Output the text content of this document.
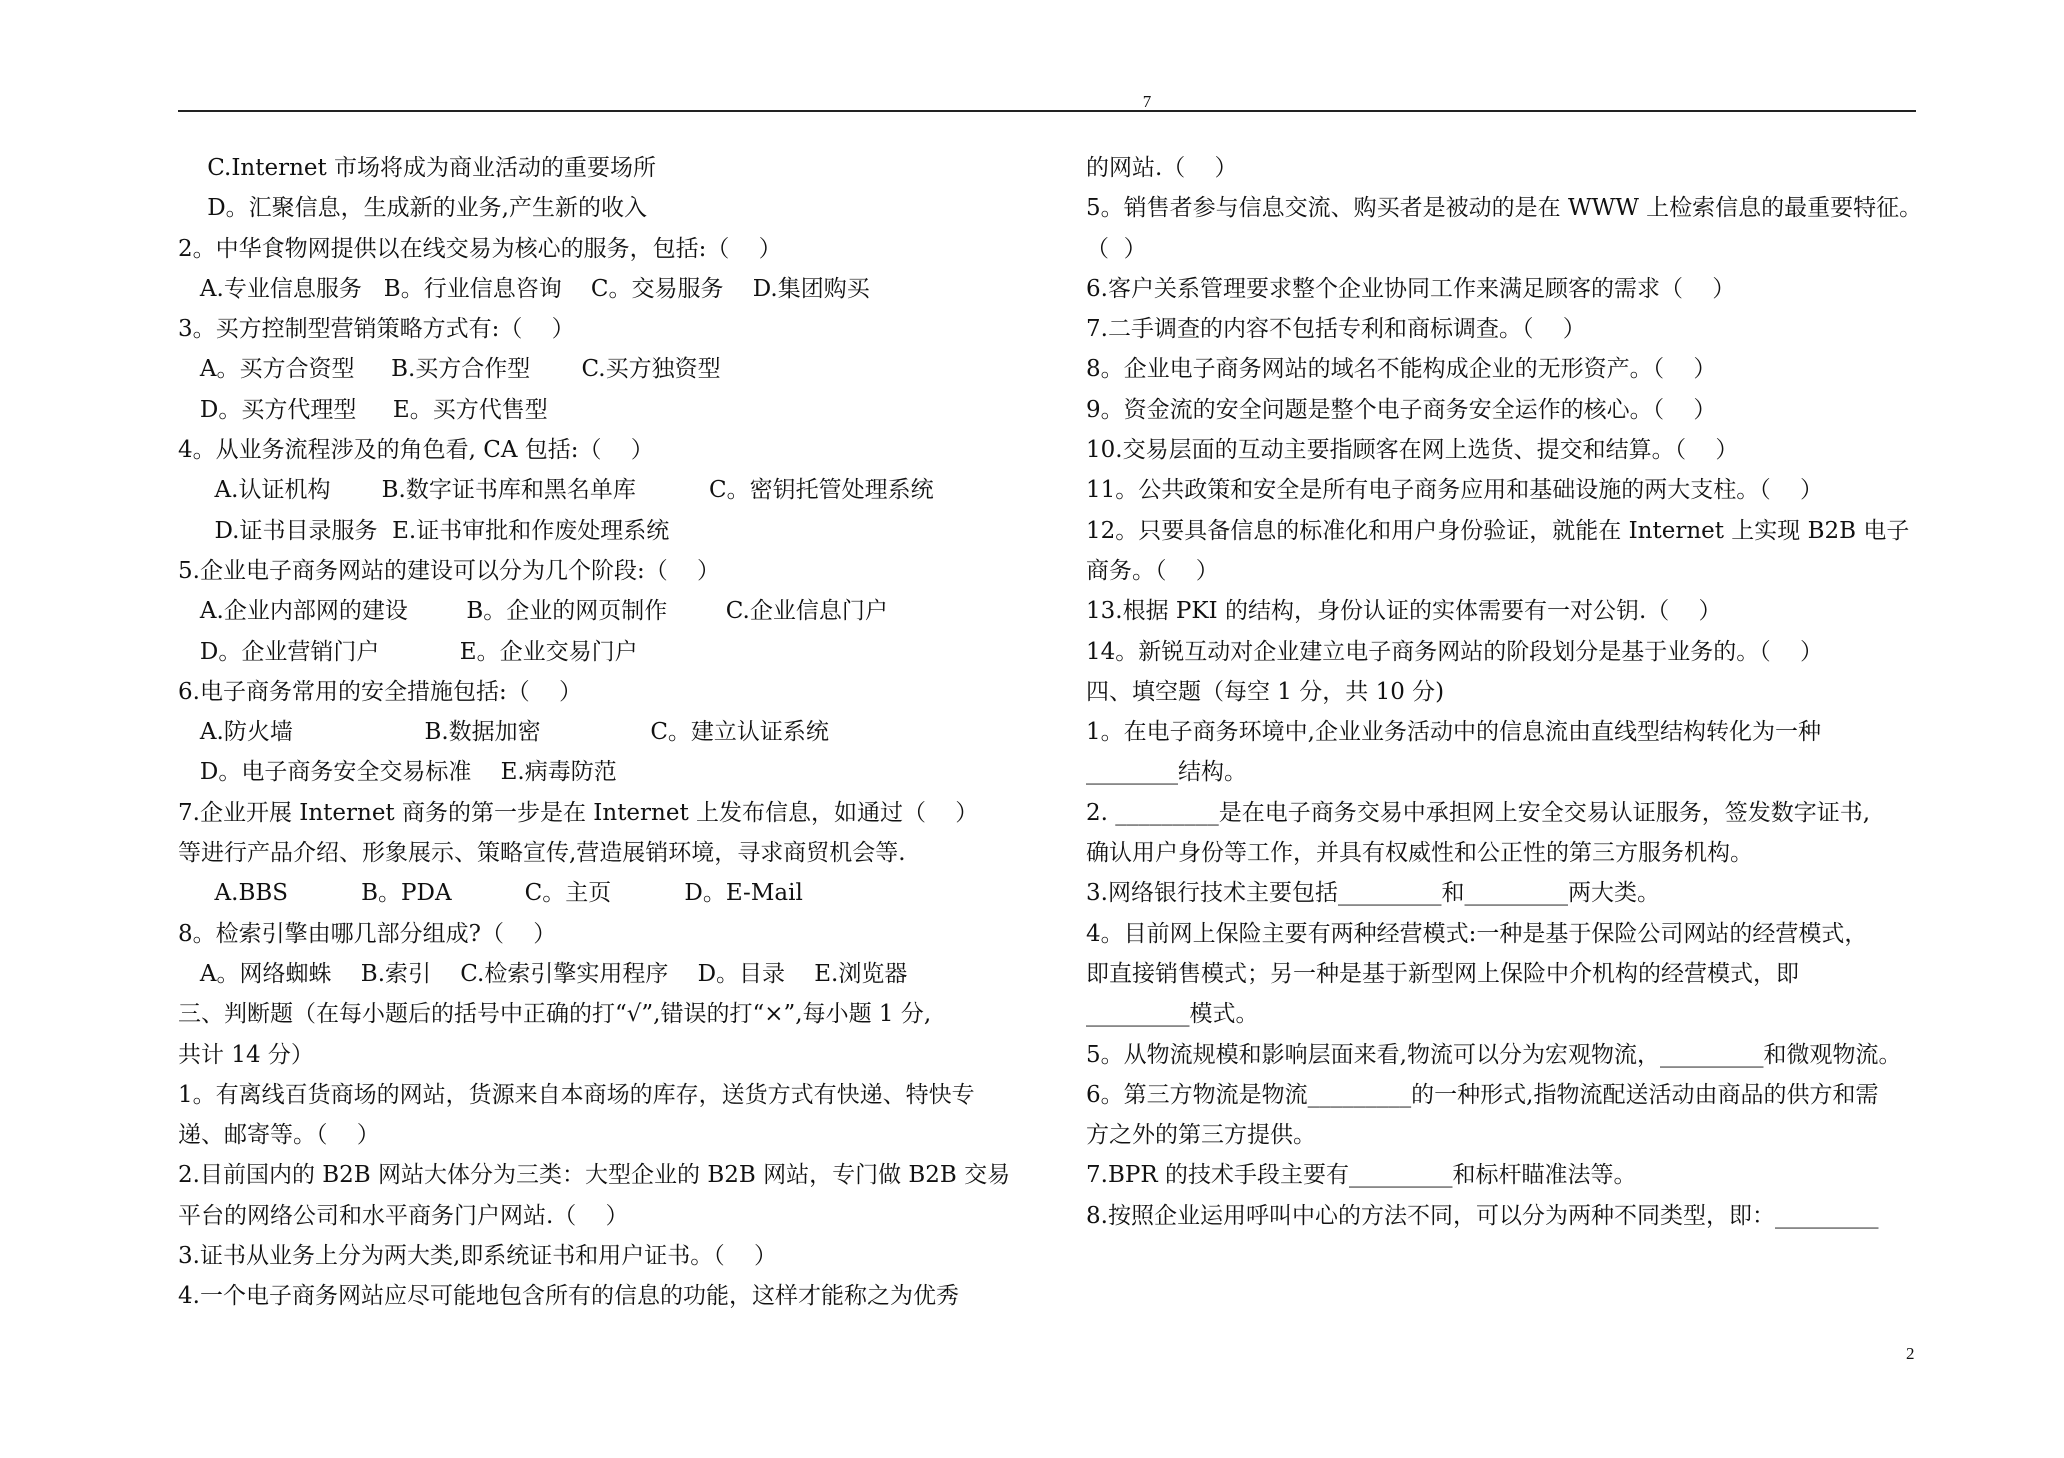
7
C.Internet 市场将成为商业活动的重要场所
D。汇聚信息，生成新的业务,产生新的收入
2。中华食物网提供以在线交易为核心的服务，包括:（    ）
A.专业信息服务   B。行业信息咨询    C。交易服务    D.集团购买
3。买方控制型营销策略方式有:（    ）
A。买方合资型     B.买方合作型       C.买方独资型
D。买方代理型     E。买方代售型
4。从业务流程涉及的角色看, CA 包括:（    ）
A.认证机构       B.数字证书库和黑名单库          C。密钥托管处理系统
D.证书目录服务  E.证书审批和作废处理系统
5.企业电子商务网站的建设可以分为几个阶段:（    ）
A.企业内部网的建设        B。企业的网页制作        C.企业信息门户
D。企业营销门户           E。企业交易门户
6.电子商务常用的安全措施包括:（    ）
A.防火墙                  B.数据加密               C。建立认证系统
D。电子商务安全交易标准    E.病毒防范
7.企业开展 Internet 商务的第一步是在 Internet 上发布信息，如通过（    ）
等进行产品介绍、形象展示、策略宣传,营造展销环境，寻求商贸机会等.
A.BBS          B。PDA          C。主页          D。E-Mail
8。检索引擎由哪几部分组成?（    ）
A。网络蜘蛛    B.索引    C.检索引擎实用程序    D。目录    E.浏览器
三、判断题（在每小题后的括号中正确的打“√”,错误的打“×”,每小题 1 分,
共计 14 分）
1。有离线百货商场的网站，货源来自本商场的库存，送货方式有快递、特快专
递、邮寄等。（    ）
2.目前国内的 B2B 网站大体分为三类：大型企业的 B2B 网站，专门做 B2B 交易
平台的网络公司和水平商务门户网站.（    ）
3.证书从业务上分为两大类,即系统证书和用户证书。（    ）
4.一个电子商务网站应尽可能地包含所有的信息的功能，这样才能称之为优秀
的网站.（    ）
5。销售者参与信息交流、购买者是被动的是在 WWW 上检索信息的最重要特征。
（  ）
6.客户关系管理要求整个企业协同工作来满足顾客的需求（    ）
7.二手调查的内容不包括专利和商标调查。（    ）
8。企业电子商务网站的域名不能构成企业的无形资产。（    ）
9。资金流的安全问题是整个电子商务安全运作的核心。（    ）
10.交易层面的互动主要指顾客在网上选货、提交和结算。（    ）
11。公共政策和安全是所有电子商务应用和基础设施的两大支柱。（    ）
12。只要具备信息的标准化和用户身份验证，就能在 Internet 上实现 B2B 电子
商务。（    ）
13.根据 PKI 的结构，身份认证的实体需要有一对公钥.（    ）
14。新锐互动对企业建立电子商务网站的阶段划分是基于业务的。（    ）
四、填空题（每空 1 分，共 10 分)
1。在电子商务环境中,企业业务活动中的信息流由直线型结构转化为一种
________结构。
2. _________是在电子商务交易中承担网上安全交易认证服务，签发数字证书,
确认用户身份等工作，并具有权威性和公正性的第三方服务机构。
3.网络银行技术主要包括_________和_________两大类。
4。目前网上保险主要有两种经营模式:一种是基于保险公司网站的经营模式，
即直接销售模式；另一种是基于新型网上保险中介机构的经营模式，即
_________模式。
5。从物流规模和影响层面来看,物流可以分为宏观物流，_________和微观物流。
6。第三方物流是物流_________的一种形式,指物流配送活动由商品的供方和需
方之外的第三方提供。
7.BPR 的技术手段主要有_________和标杆瞄准法等。
8.按照企业运用呼叫中心的方法不同，可以分为两种不同类型，即：_________
2
